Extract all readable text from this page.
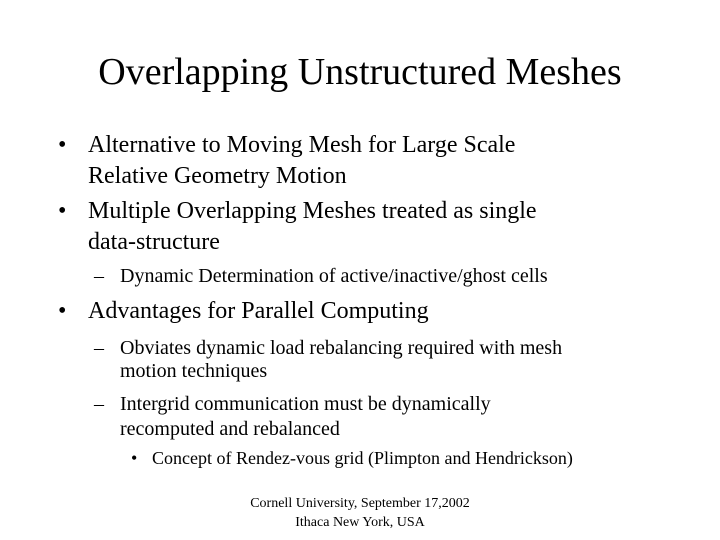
Overlapping Unstructured Meshes
• Alternative to Moving Mesh for Large Scale
Relative Geometry Motion
• Multiple Overlapping Meshes treated as single
data-structure
– Dynamic Determination of active/inactive/ghost cells
• Advantages for Parallel Computing
– Obviates dynamic load rebalancing required with mesh
motion techniques
– Intergrid communication must be dynamically
recomputed and rebalanced
• Concept of Rendez-vous grid (Plimpton and Hendrickson)
Cornell University, September 17,2002
Ithaca New York, USA
